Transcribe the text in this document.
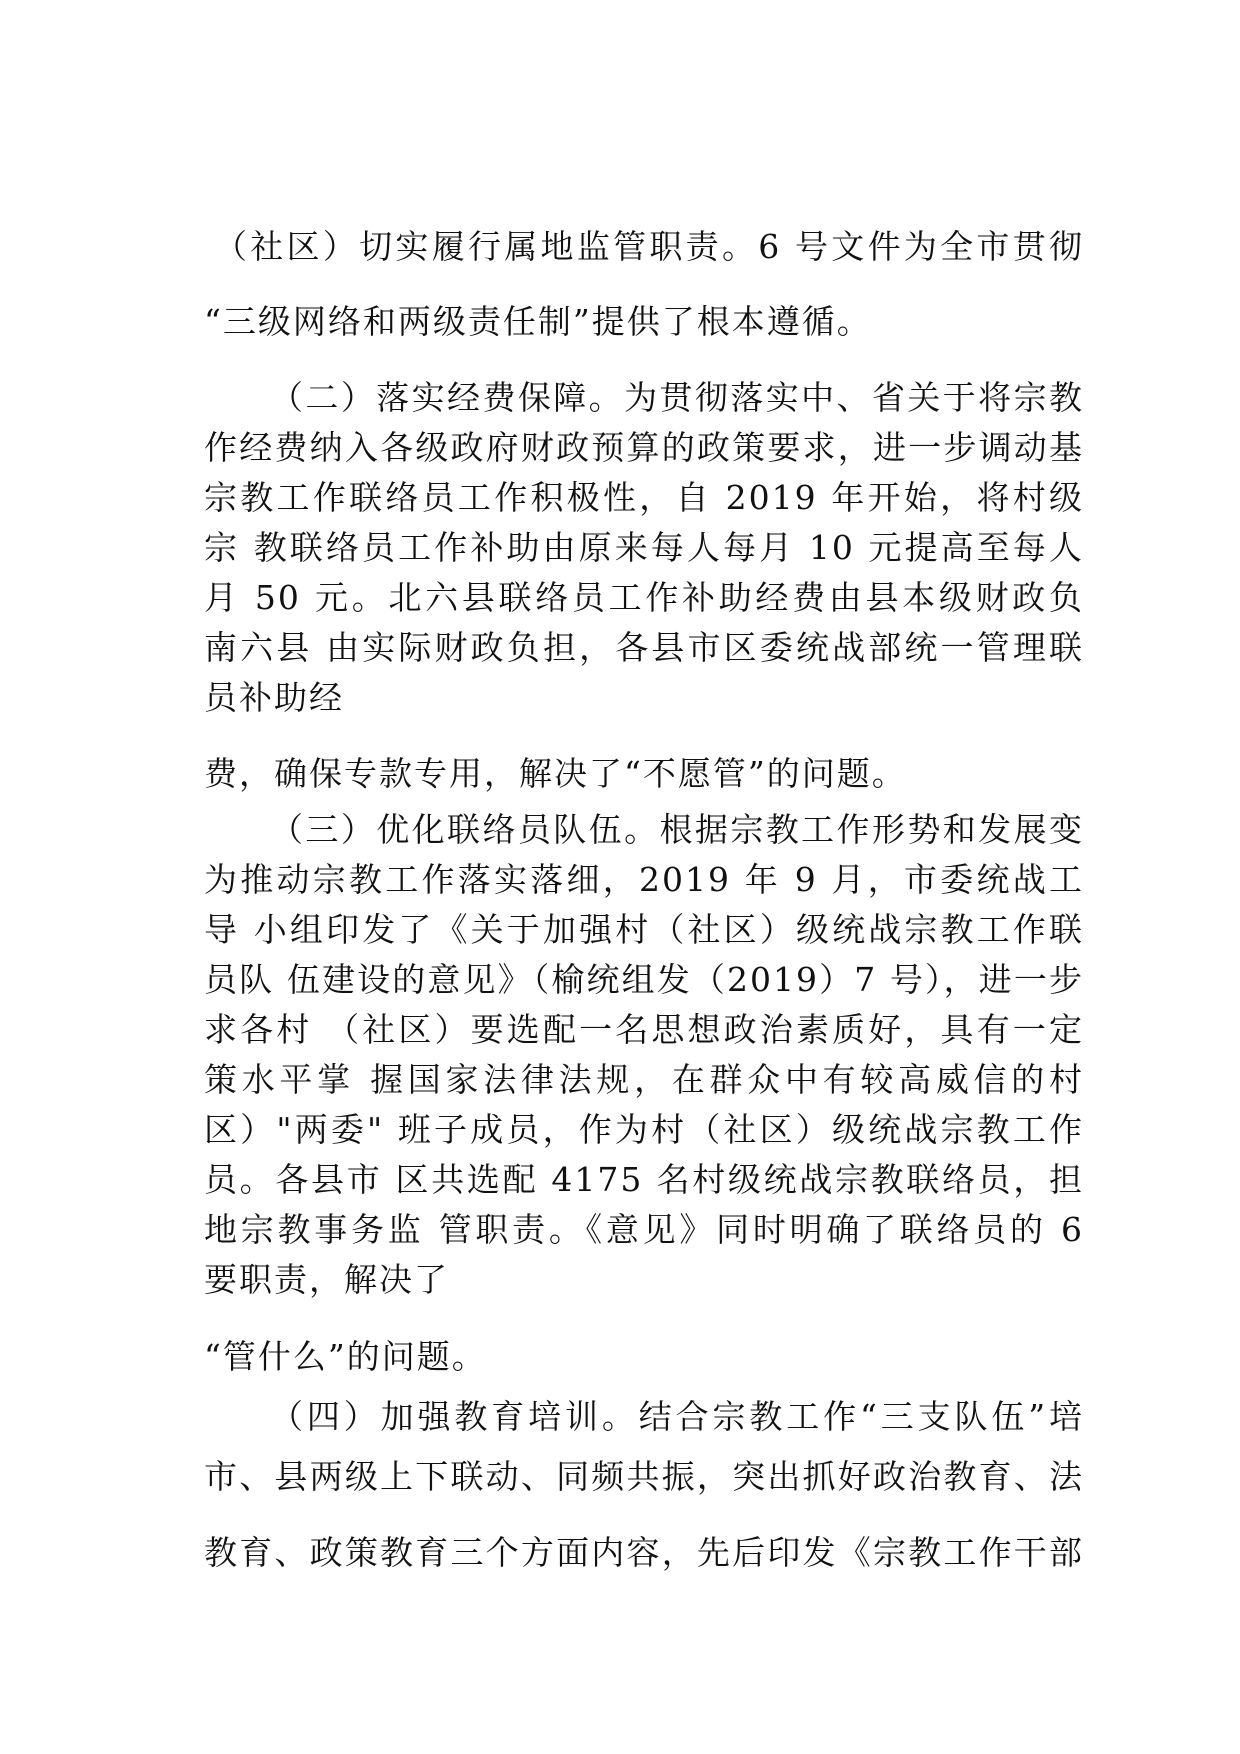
（社区）切实履行属地监管职责。6 号文件为全市贯彻
“三级网络和两级责任制”提供了根本遵循。
（二）落实经费保障。为贯彻落实中、省关于将宗教
作经费纳入各级政府财政预算的政策要求，进一步调动基
宗教工作联络员工作积极性，自 2019 年开始，将村级
宗 教联络员工作补助由原来每人每月 10 元提高至每人
月 50 元。北六县联络员工作补助经费由县本级财政负
南六县 由实际财政负担，各县市区委统战部统一管理联
员补助经
费，确保专款专用，解决了“不愿管”的问题。
（三）优化联络员队伍。根据宗教工作形势和发展变
为推动宗教工作落实落细，2019 年 9 月，市委统战工
导 小组印发了《关于加强村（社区）级统战宗教工作联
员队 伍建设的意见》（榆统组发（2019）7 号），进一步
求各村 （社区）要选配一名思想政治素质好，具有一定
策水平掌 握国家法律法规，在群众中有较高威信的村
区）"两委" 班子成员，作为村（社区）级统战宗教工作
员。各县市 区共选配 4175 名村级统战宗教联络员，担
地宗教事务监 管职责。《意见》同时明确了联络员的 6
要职责，解决了
“管什么”的问题。
（四）加强教育培训。结合宗教工作“三支队伍”培
市、县两级上下联动、同频共振，突出抓好政治教育、法
教育、政策教育三个方面内容，先后印发《宗教工作干部
